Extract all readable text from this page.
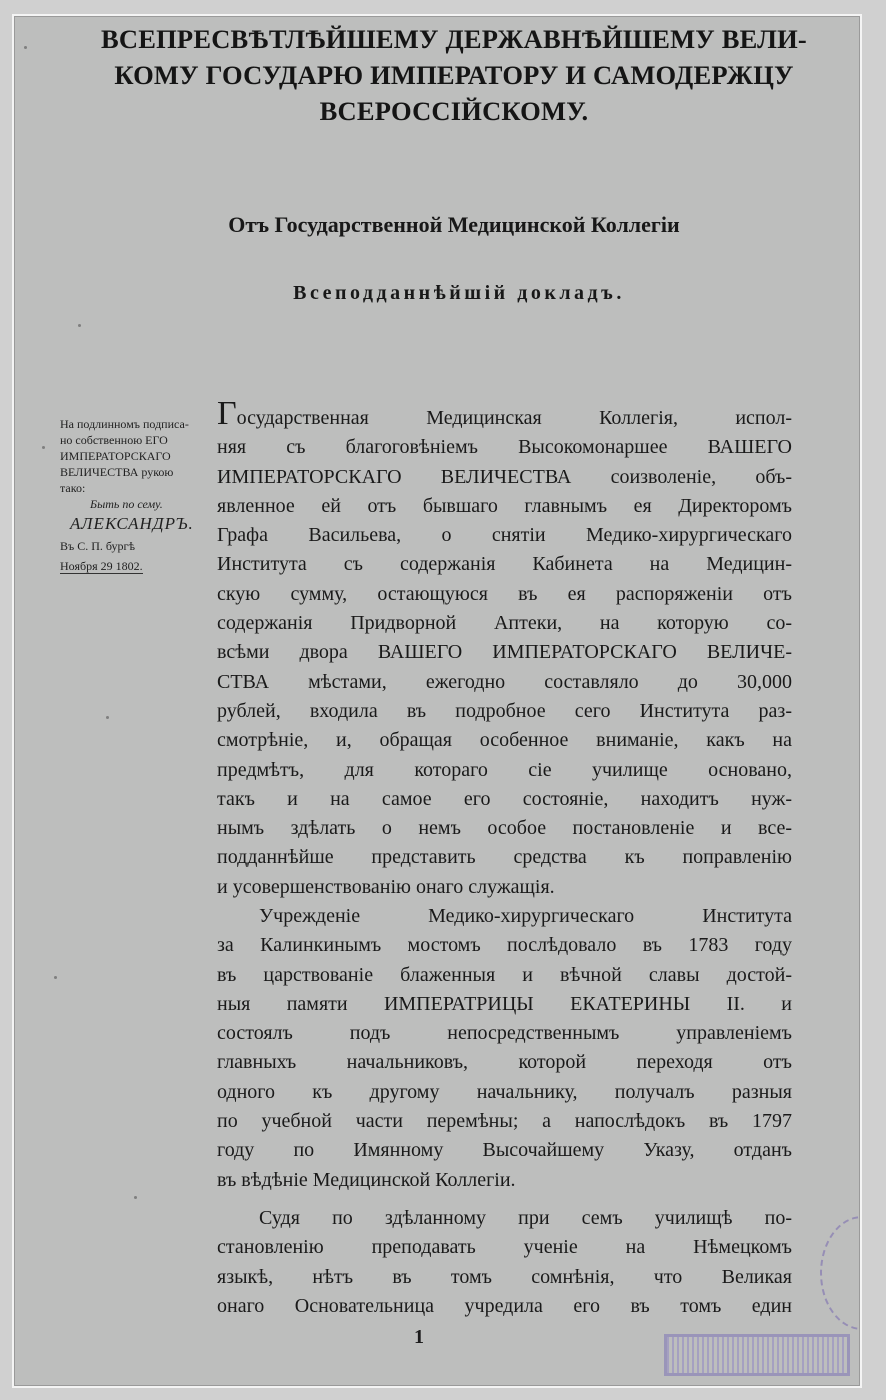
ВСЕПРЕСВѢТЛѢЙШЕМУ ДЕРЖАВНѢЙШЕМУ ВЕЛИ-
КОМУ ГОСУДАРЮ ИМПЕРАТОРУ И САМОДЕРЖЦУ
ВСЕРОССІЙСКОМУ.
Отъ Государственной Медицинской Коллегіи
Всеподданнѣйшій докладъ.
На подлинномъ подписа-
но собственною ЕГО
ИМПЕРАТОРСКАГО
ВЕЛИЧЕСТВА рукою
тако:
Быть по сему.
АЛЕКСАНДРЪ.
Въ С. П. бургѣ
Ноября 29 1802.
Государственная Медицинская Коллегія, испол-
няя съ благоговѣніемъ Высокомонаршее ВАШЕГО
ИМПЕРАТОРСКАГО ВЕЛИЧЕСТВА соизволеніе, объ-
явленное ей отъ бывшаго главнымъ ея Директоромъ
Графа Васильева, о снятіи Медико-хирургическаго
Института съ содержанія Кабинета на Медицин-
скую сумму, остающуюся въ ея распоряженіи отъ
содержанія Придворной Аптеки, на которую со-
всѣми двора ВАШЕГО ИМПЕРАТОРСКАГО ВЕЛИЧЕ-
СТВА мѣстами, ежегодно составляло до 30,000
рублей, входила въ подробное сего Института раз-
смотрѣніе, и, обращая особенное вниманіе, какъ на
предмѣтъ, для котораго сіе училище основано,
такъ и на самое его состояніе, находитъ нуж-
нымъ здѣлать о немъ особое постановленіе и все-
подданнѣйше представить средства къ поправленію
и усовершенствованію онаго служащія.
Учрежденіе Медико-хирургическаго Института
за Калинкинымъ мостомъ послѣдовало въ 1783 году
въ царствованіе блаженныя и вѣчной славы достой-
ныя памяти ИМПЕРАТРИЦЫ ЕКАТЕРИНЫ II. и
состоялъ подъ непосредственнымъ управленіемъ
главныхъ начальниковъ, которой переходя отъ
одного къ другому начальнику, получалъ разныя
по учебной части перемѣны; а напослѣдокъ въ 1797
году по Имянному Высочайшему Указу, отданъ
въ вѣдѣніе Медицинской Коллегіи.
Судя по здѣланному при семъ училищѣ по-
становленію преподавать ученіе на Нѣмецкомъ
языкѣ, нѣтъ въ томъ сомнѣнія, что Великая
онаго Основательница учредила его въ томъ един
1
